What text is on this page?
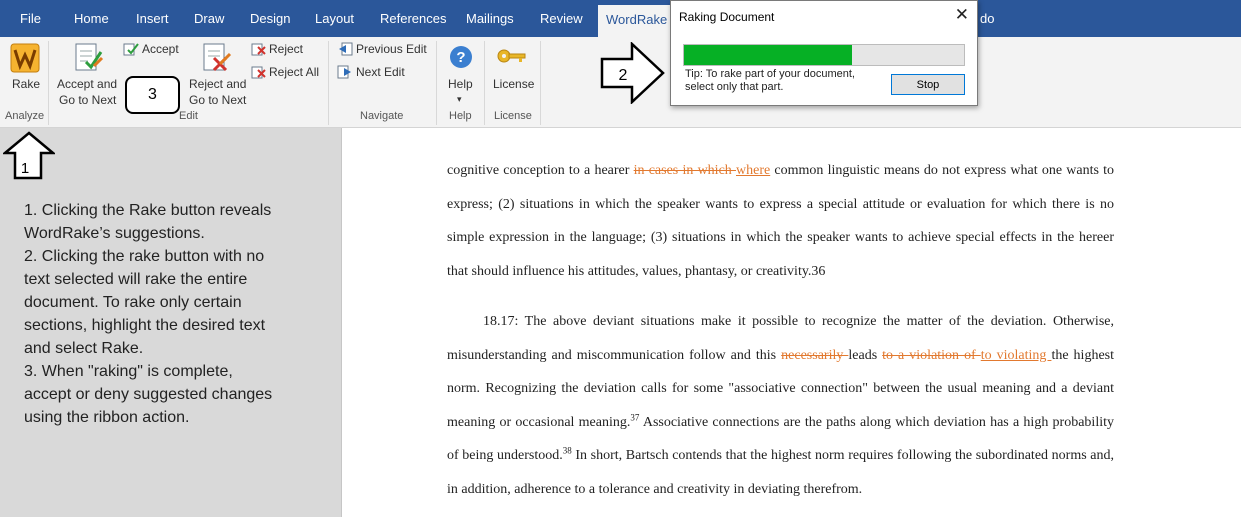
File	Home Insert Draw Design Layout References Mailings Review	WordRake	do
Rake
Analyze
Accept and
Go to Next
Accept
Reject and
Go to Next
Reject
Reject All
Edit
Previous Edit
Next Edit
Navigate
?
Help
▾
Help
License
License
3
2
Raking Document	✕
Tip: To rake part of your document,
select only that part.	Stop
1
1. Clicking the Rake button reveals
WordRake’s suggestions.
2. Clicking the rake button with no
text selected will rake the entire
document. To rake only certain
sections, highlight the desired text
and select Rake.
3. When "raking" is complete,
accept or deny suggested changes
using the ribbon action.
cognitive conception to a hearer in cases in which where common linguistic means do not express what one wants to express; (2) situations in which the speaker wants to express a special attitude or evaluation for which there is no simple expression in the language; (3) situations in which the speaker wants to achieve special effects in the hereer that should influence his attitudes, values, phantasy, or creativity.36
18.17: The above deviant situations make it possible to recognize the matter of the deviation. Otherwise, misunderstanding and miscommunication follow and this necessarily leads to a violation of to violating the highest norm. Recognizing the deviation calls for some "associative connection" between the usual meaning and a deviant meaning or occasional meaning.$^{37}$ Associative connections are the paths along which deviation has a high probability of being understood.$^{38}$ In short, Bartsch contends that the highest norm requires following the subordinated norms and, in addition, adherence to a tolerance and creativity in deviating therefrom.
